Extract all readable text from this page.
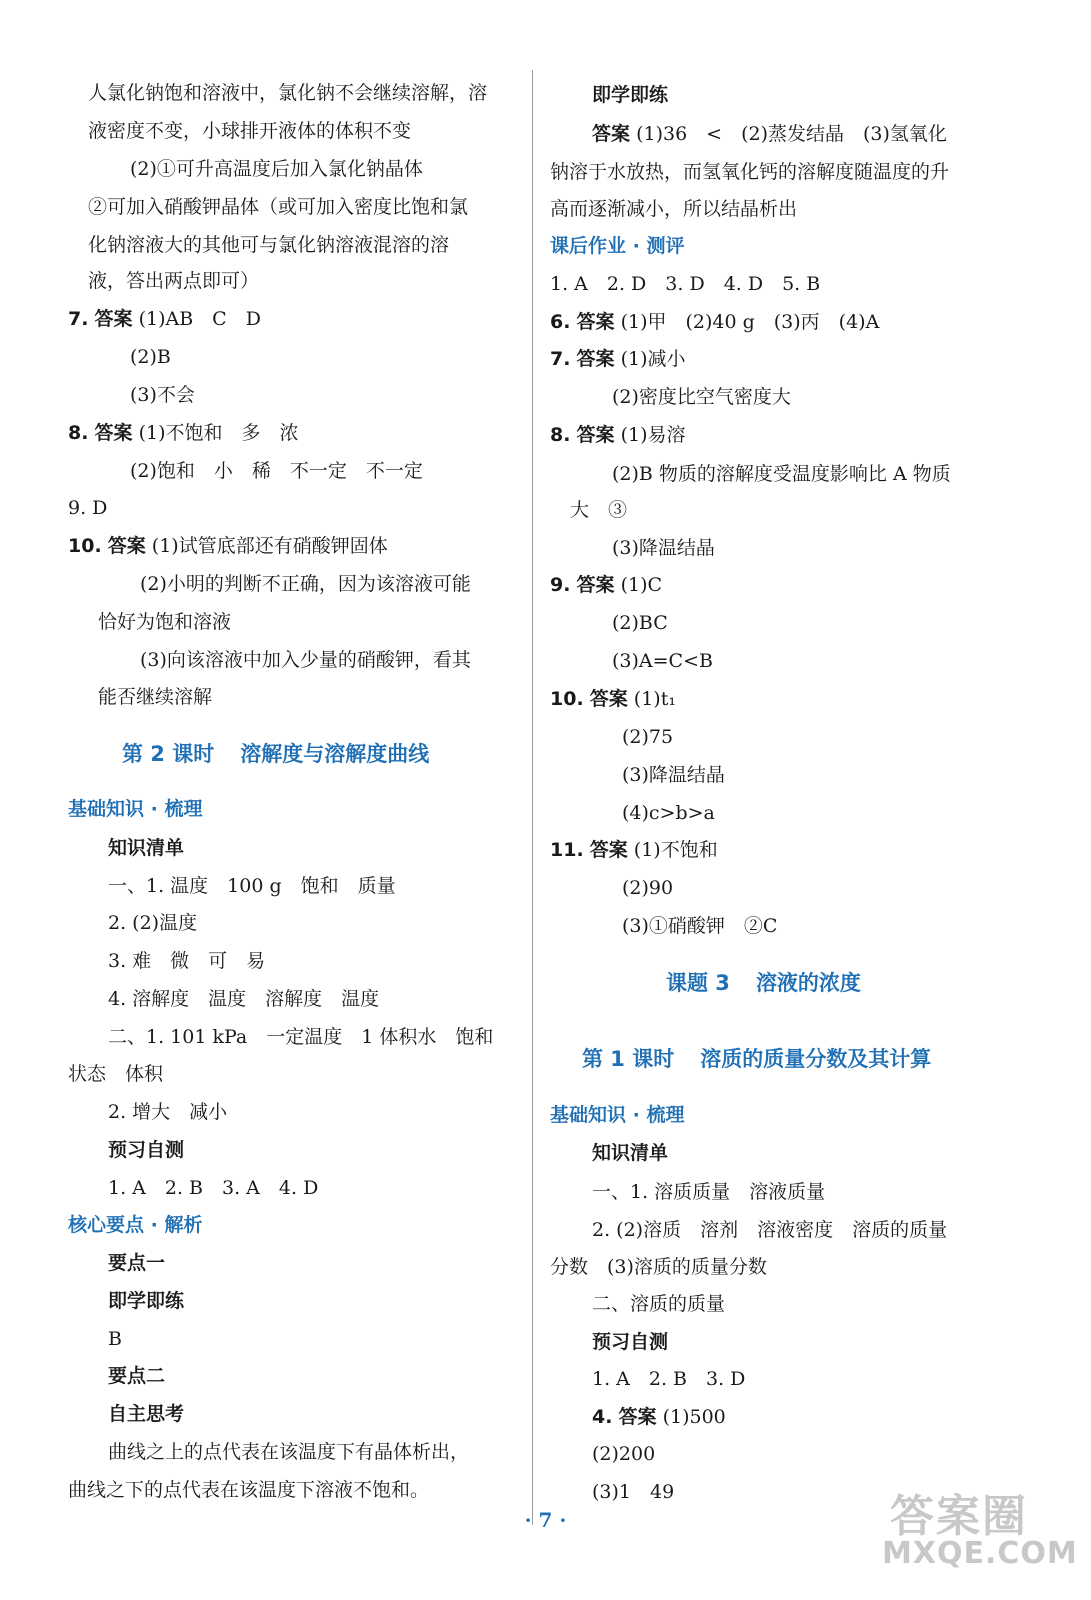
人氯化钠饱和溶液中，氯化钠不会继续溶解，溶
液密度不变，小球排开液体的体积不变
(2)①可升高温度后加入氯化钠晶体
②可加入硝酸钾晶体（或可加入密度比饱和氯
化钠溶液大的其他可与氯化钠溶液混溶的溶
液，答出两点即可）
7. 答案 (1)AB　C　D
(2)B
(3)不会
8. 答案 (1)不饱和　多　浓
(2)饱和　小　稀　不一定　不一定
9. D
10. 答案 (1)试管底部还有硝酸钾固体
(2)小明的判断不正确，因为该溶液可能
恰好为饱和溶液
(3)向该溶液中加入少量的硝酸钾，看其
能否继续溶解
第 2 课时 溶解度与溶解度曲线
基础知识 · 梳理
知识清单
一、1. 温度　100 g　饱和　质量
2. (2)温度
3. 难　微　可　易
4. 溶解度　温度　溶解度　温度
二、1. 101 kPa　一定温度　1 体积水　饱和
状态　体积
2. 增大　减小
预习自测
1. A　2. B　3. A　4. D
核心要点 · 解析
要点一
即学即练
B
要点二
自主思考
曲线之上的点代表在该温度下有晶体析出，
曲线之下的点代表在该温度下溶液不饱和。
即学即练
答案 (1)36　<　(2)蒸发结晶　(3)氢氧化
钠溶于水放热，而氢氧化钙的溶解度随温度的升
高而逐渐减小，所以结晶析出
课后作业 · 测评
1. A　2. D　3. D　4. D　5. B
6. 答案 (1)甲　(2)40 g　(3)丙　(4)A
7. 答案 (1)减小
(2)密度比空气密度大
8. 答案 (1)易溶
(2)B 物质的溶解度受温度影响比 A 物质
大　③
(3)降温结晶
9. 答案 (1)C
(2)BC
(3)A=C<B
10. 答案 (1)t₁
(2)75
(3)降温结晶
(4)c>b>a
11. 答案 (1)不饱和
(2)90
(3)①硝酸钾　②C
课题 3 溶液的浓度
第 1 课时 溶质的质量分数及其计算
基础知识 · 梳理
知识清单
一、1. 溶质质量　溶液质量
2. (2)溶质　溶剂　溶液密度　溶质的质量
分数　(3)溶质的质量分数
二、溶质的质量
预习自测
1. A　2. B　3. D
4. 答案 (1)500
(2)200
(3)1　49
· 7 ·	答案圈
MXQE.COM
